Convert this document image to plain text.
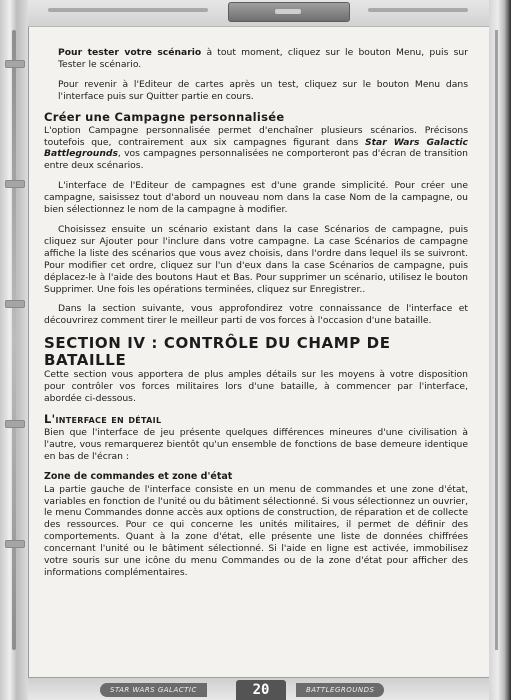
Pour tester votre scénario à tout moment, cliquez sur le bouton Menu, puis sur Tester le scénario.

Pour revenir à l'Editeur de cartes après un test, cliquez sur le bouton Menu dans l'interface puis sur Quitter partie en cours.

Créer une Campagne personnalisée

L'option Campagne personnalisée permet d'enchaîner plusieurs scénarios. Précisons toutefois que, contrairement aux six campagnes figurant dans Star Wars Galactic Battlegrounds, vos campagnes personnalisées ne comporteront pas d'écran de transition entre deux scénarios.

L'interface de l'Editeur de campagnes est d'une grande simplicité. Pour créer une campagne, saisissez tout d'abord un nouveau nom dans la case Nom de la campagne, ou bien sélectionnez le nom de la campagne à modifier.

Choisissez ensuite un scénario existant dans la case Scénarios de campagne, puis cliquez sur Ajouter pour l'inclure dans votre campagne. La case Scénarios de campagne affiche la liste des scénarios que vous avez choisis, dans l'ordre dans lequel ils se suivront. Pour modifier cet ordre, cliquez sur l'un d'eux dans la case Scénarios de campagne, puis déplacez-le à l'aide des boutons Haut et Bas. Pour supprimer un scénario, utilisez le bouton Supprimer. Une fois les opérations terminées, cliquez sur Enregistrer..

Dans la section suivante, vous approfondirez votre connaissance de l'interface et découvrirez comment tirer le meilleur parti de vos forces à l'occasion d'une bataille.

SECTION IV : CONTRÔLE DU CHAMP DE BATAILLE

Cette section vous apportera de plus amples détails sur les moyens à votre disposition pour contrôler vos forces militaires lors d'une bataille, à commencer par l'interface, abordée ci-dessous.

L'interface en détail

Bien que l'interface de jeu présente quelques différences mineures d'une civilisation à l'autre, vous remarquerez bientôt qu'un ensemble de fonctions de base demeure identique en bas de l'écran :

Zone de commandes et zone d'état

La partie gauche de l'interface consiste en un menu de commandes et une zone d'état, variables en fonction de l'unité ou du bâtiment sélectionné. Si vous sélectionnez un ouvrier, le menu Commandes donne accès aux options de construction, de réparation et de collecte des ressources. Pour ce qui concerne les unités militaires, il permet de définir des comportements. Quant à la zone d'état, elle présente une liste de données chiffrées concernant l'unité ou le bâtiment sélectionné. Si l'aide en ligne est activée, immobilisez votre souris sur une icône du menu Commandes ou de la zone d'état pour afficher des informations complémentaires.

STAR WARS GALACTIC	20	BATTLEGROUNDS
